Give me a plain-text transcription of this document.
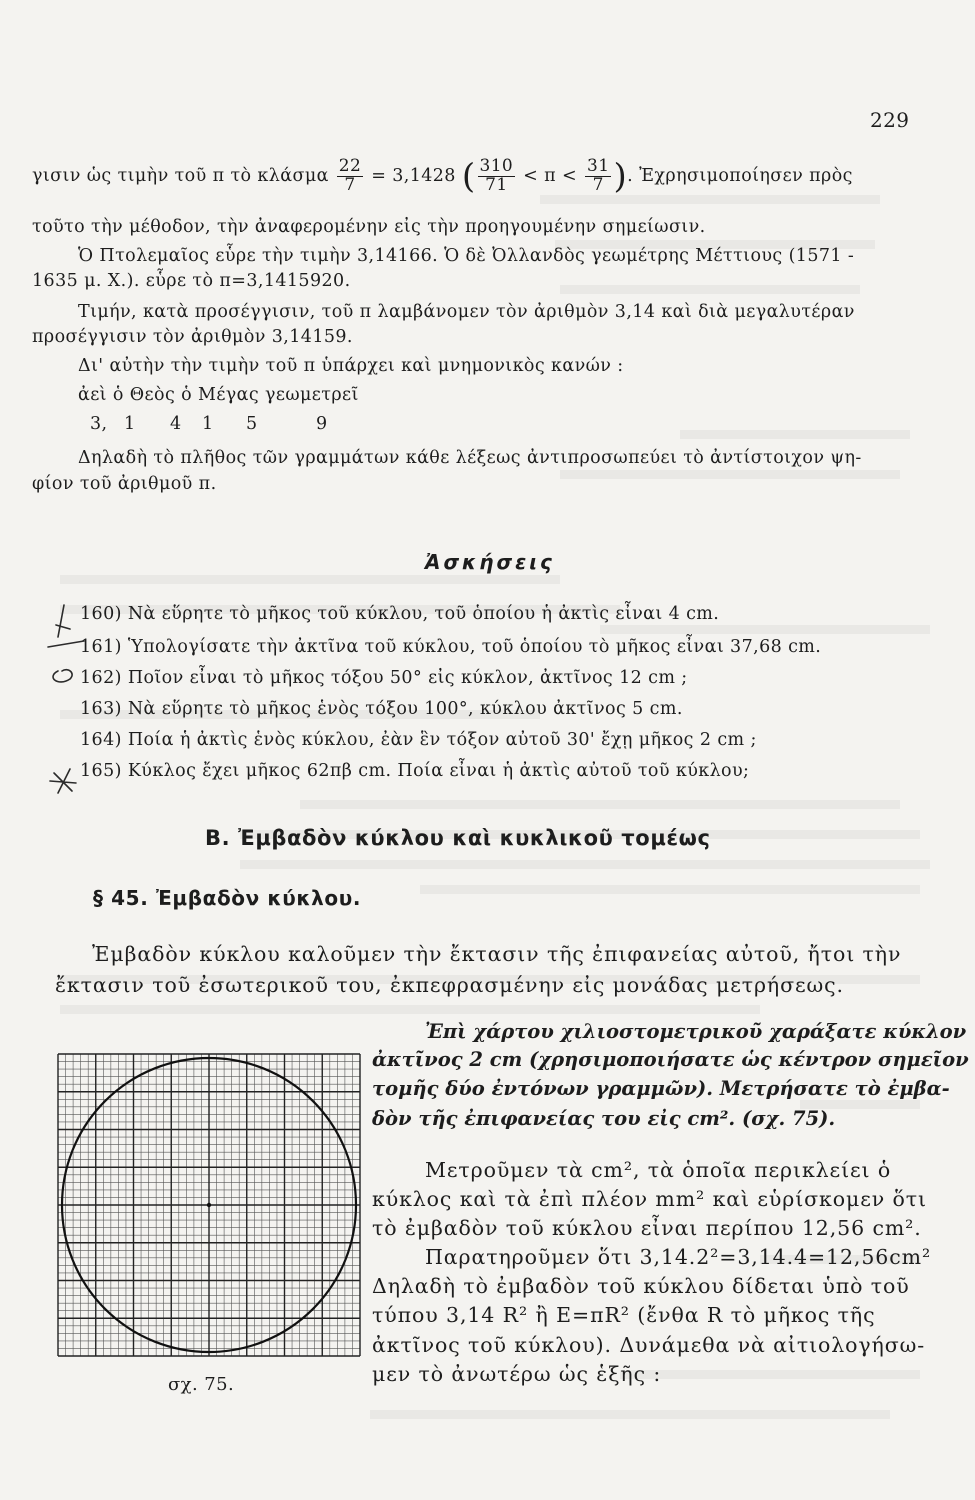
229
γισιν ὡς τιμὴν τοῦ π τὸ κλάσμα $\frac{22}{7} = 3,1428$ ( $\frac{310}{71} < \pi < \frac{31}{7}$ ). Ἐχρησιμοποίησεν πρὸς
τοῦτο τὴν μέθοδον, τὴν ἀναφερομένην εἰς τὴν προηγουμένην σημείωσιν.
Ὁ Πτολεμαῖος εὗρε τὴν τιμὴν 3,14166. Ὁ δὲ Ὀλλανδὸς γεωμέτρης Μέττιους (1571 -
1635 μ. Χ.). εὗρε τὸ π=3,1415920.
Τιμήν, κατὰ προσέγγισιν, τοῦ π λαμβάνομεν τὸν ἀριθμὸν 3,14 καὶ διὰ μεγαλυτέραν
προσέγγισιν τὸν ἀριθμὸν 3,14159.
Δι' αὐτὴν τὴν τιμὴν τοῦ π ὑπάρχει καὶ μνημονικὸς κανών :
ἀεὶ ὁ Θεὸς ὁ Μέγας γεωμετρεῖ
3, 1 4 1 5	9
Δηλαδὴ τὸ πλῆθος τῶν γραμμάτων κάθε λέξεως ἀντιπροσωπεύει τὸ ἀντίστοιχον ψη-
φίον τοῦ ἀριθμοῦ π.
Ἀσκήσεις
160) Νὰ εὕρητε τὸ μῆκος τοῦ κύκλου, τοῦ ὁποίου ἡ ἀκτὶς εἶναι 4 cm.
161) Ὑπολογίσατε τὴν ἀκτῖνα τοῦ κύκλου, τοῦ ὁποίου τὸ μῆκος εἶναι 37,68 cm.
162) Ποῖον εἶναι τὸ μῆκος τόξου 50° εἰς κύκλον, ἀκτῖνος 12 cm ;
163) Νὰ εὕρητε τὸ μῆκος ἑνὸς τόξου 100°, κύκλου ἀκτῖνος 5 cm.
164) Ποία ἡ ἀκτὶς ἑνὸς κύκλου, ἐὰν ἓν τόξον αὐτοῦ 30' ἔχῃ μῆκος 2 cm ;
165) Κύκλος ἔχει μῆκος 62πβ cm. Ποία εἶναι ἡ ἀκτὶς αὐτοῦ τοῦ κύκλου;
Β. Ἐμβαδὸν κύκλου καὶ κυκλικοῦ τομέως
§ 45. Ἐμβαδὸν κύκλου.
Ἐμβαδὸν κύκλου καλοῦμεν τὴν ἔκτασιν τῆς ἐπιφανείας αὐτοῦ, ἤτοι τὴν
ἔκτασιν τοῦ ἐσωτερικοῦ του, ἐκπεφρασμένην εἰς μονάδας μετρήσεως.
Ἐπὶ χάρτου χιλιοστομετρικοῦ χαράξατε κύκλον
ἀκτῖνος 2 cm (χρησιμοποιήσατε ὡς κέντρον σημεῖον
τομῆς δύο ἐντόνων γραμμῶν). Μετρήσατε τὸ ἐμβα-
δὸν τῆς ἐπιφανείας του εἰς cm². (σχ. 75).
Μετροῦμεν τὰ cm², τὰ ὁποῖα περικλείει ὁ
κύκλος καὶ τὰ ἐπὶ πλέον mm² καὶ εὑρίσκομεν ὅτι
τὸ ἐμβαδὸν τοῦ κύκλου εἶναι περίπου 12,56 cm².
Παρατηροῦμεν ὅτι 3,14.2²=3,14.4=12,56cm²
Δηλαδὴ τὸ ἐμβαδὸν τοῦ κύκλου δίδεται ὑπὸ τοῦ
τύπου 3,14 R² ἢ E=πR² (ἔνθα R τὸ μῆκος τῆς
ἀκτῖνος τοῦ κύκλου). Δυνάμεθα νὰ αἰτιολογήσω-
μεν τὸ ἀνωτέρω ὡς ἑξῆς :
σχ. 75.
